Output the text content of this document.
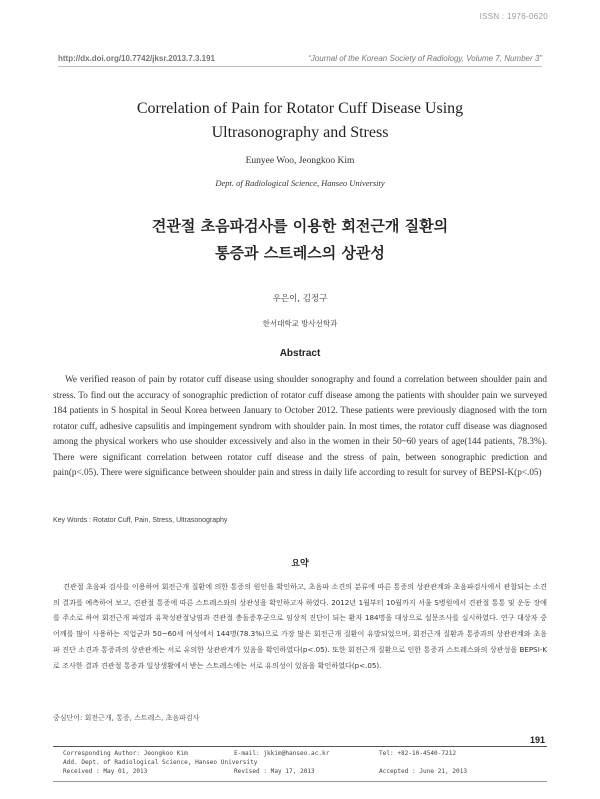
ISSN : 1976-0620
http://dx.doi.org/10.7742/jksr.2013.7.3.191	“Journal of the Korean Society of Radiology, Volume 7, Number 3”
Correlation of Pain for Rotator Cuff Disease Using
Ultrasonography and Stress
Eunyee Woo, Jeongkoo Kim
Dept. of Radiological Science, Hanseo University
견관절 초음파검사를 이용한 회전근개 질환의
통증과 스트레스의 상관성
우은이, 김정구
한서대학교 방사선학과
Abstract
We verified reason of pain by rotator cuff disease using shoulder sonography and found a correlation between shoulder pain and stress. To find out the accuracy of sonographic prediction of rotator cuff disease among the patients with shoulder pain we surveyed 184 patients in S hospital in Seoul Korea between January to October 2012. These patients were previously diagnosed with the torn rotator cuff, adhesive capsulitis and impingement syndrom with shoulder pain. In most times, the rotator cuff disease was diagnosed among the physical workers who use shoulder excessively and also in the women in their 50~60 years of age(144 patients, 78.3%). There were significant correlation between rotator cuff disease and the stress of pain, between sonographic prediction and pain(p<.05). There were significance between shoulder pain and stress in daily life according to result for survey of BEPSI-K(p<.05)
Key Words : Rotator Cuff, Pain, Stress, Ultrasonography
요약
견관절 초음파 검사를 이용하여 회전근개 질환에 의한 통증의 원인을 확인하고, 초음파 소견의 분류에 따른 통증의 상관관계와 초음파검사에서 관찰되는 소견의 결과를 예측하여 보고, 견관절 통증에 따른 스트레스와의 상관성을 확인하고자 하였다. 2012년 1월부터 10월까지 서울 S병원에서 견관절 통통 및 운동 장애를 주소로 하여 회전근개 파열과 유착성관절낭염과 견관절 충돌증후군으로 임상적 진단이 되는 환자 184명을 대상으로 설문조사를 실시하였다. 연구 대상자 중 어깨를 많이 사용하는 직업군과 50~60세 여성에서 144명(78.3%)으로 가장 많은 회전근개 질환이 유발되었으며, 회전근개 질환과 통증과의 상관관계와 초음파 진단 소견과 통증과의 상관관계는 서로 유의한 상관관계가 있음을 확인하였다(p<.05). 또한 회전근개 질환으로 인한 통증과 스트레스와의 상관성을 BEPSI-K로 조사한 결과 견관절 통증과 일상생활에서 받는 스트레스에는 서로 유의성이 있음을 확인하였다(p<.05).
중심단어: 회전근개, 통증, 스트레스, 초음파검사
191
Corresponding Author: Jeongkoo Kim	E-mail: jkkim@hanseo.ac.kr	Tel: +82-10-4540-7212
Add. Dept. of Radiological Science, Hanseo University
Received : May 01, 2013	Revised : May 17, 2013	Accepted : June 21, 2013
